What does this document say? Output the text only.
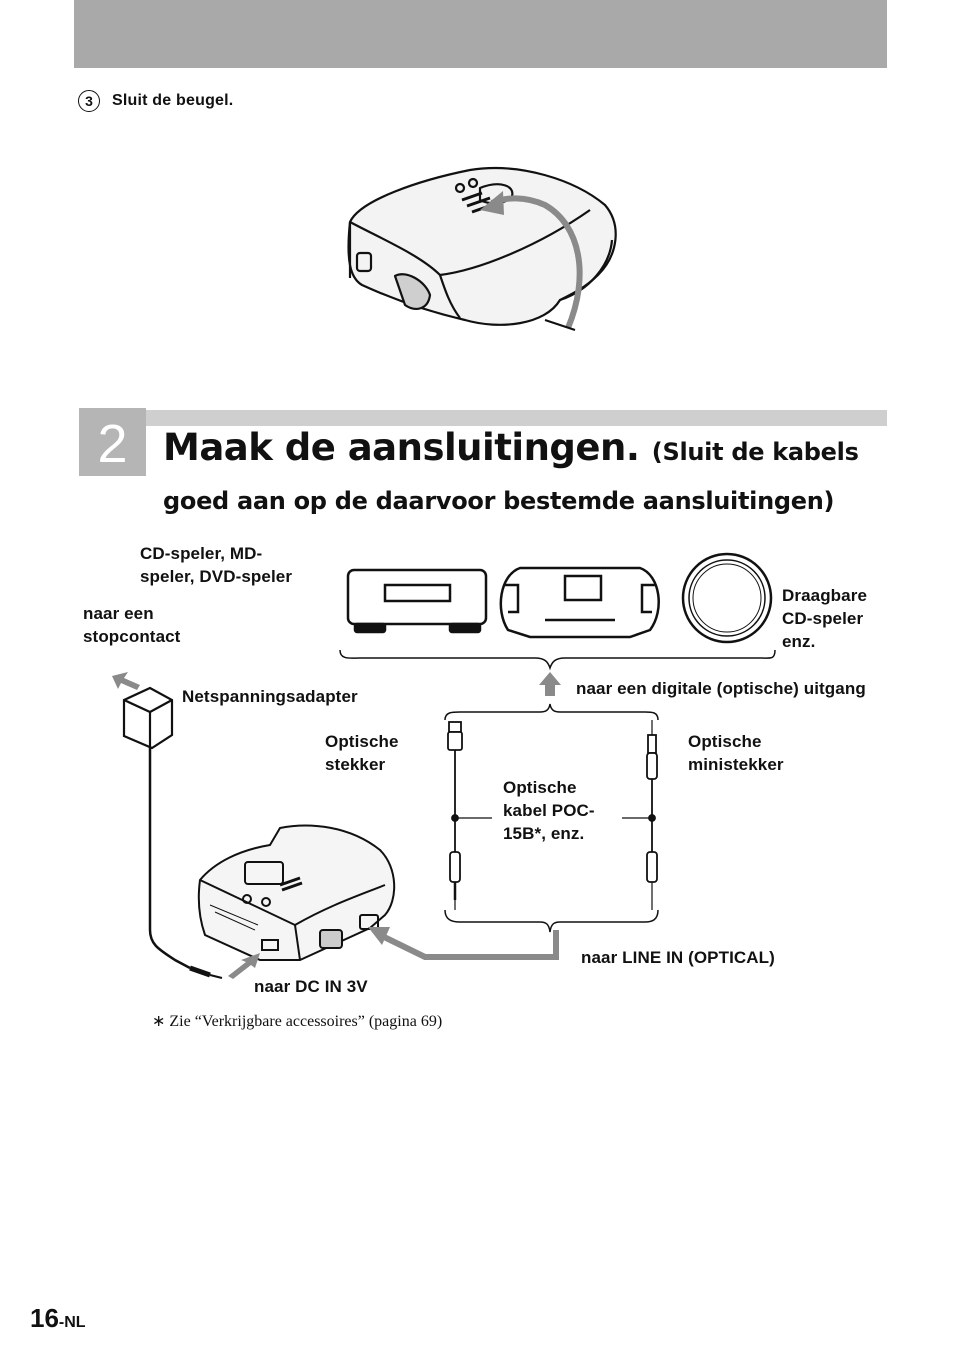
3	Sluit de beugel.
2 Maak de aansluitingen. (Sluit de kabels
goed aan op de daarvoor bestemde aansluitingen)
CD-speler, MD-
speler, DVD-speler
naar een
stopcontact
Draagbare
CD-speler
enz.
Netspanningsadapter	naar een digitale (optische) uitgang
Optische
stekker
Optische
ministekker
Optische
kabel POC-
15B*, enz.
naar LINE IN (OPTICAL)
naar DC IN 3V
∗ Zie “Verkrijgbare accessoires” (pagina 69)
16-NL
